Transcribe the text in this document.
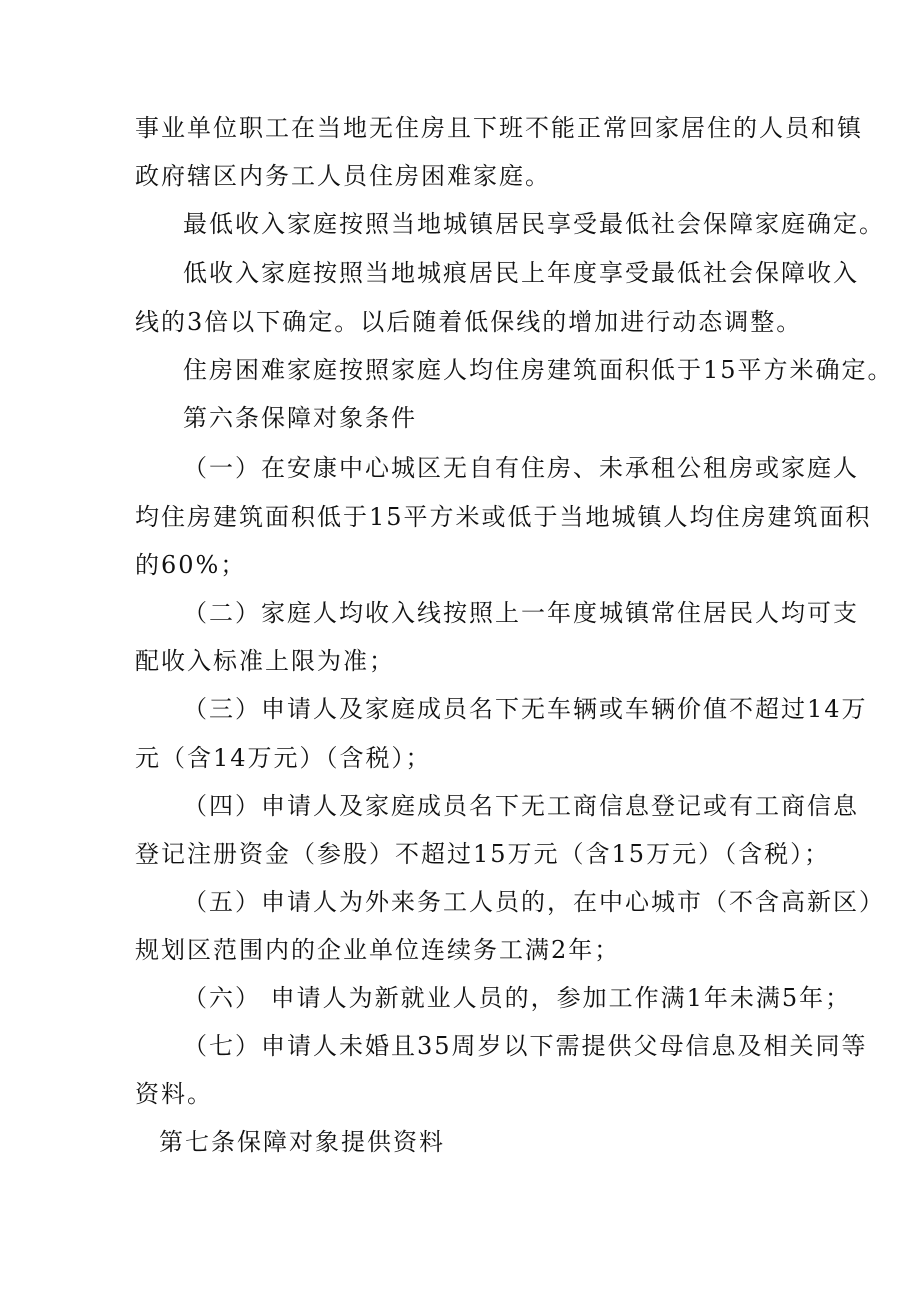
事业单位职工在当地无住房且下班不能正常回家居住的人员和镇
政府辖区内务工人员住房困难家庭。
最低收入家庭按照当地城镇居民享受最低社会保障家庭确定。
低收入家庭按照当地城痕居民上年度享受最低社会保障收入
线的3倍以下确定。以后随着低保线的增加进行动态调整。
住房困难家庭按照家庭人均住房建筑面积低于15平方米确定。
第六条保障对象条件
（一）在安康中心城区无自有住房、未承租公租房或家庭人
均住房建筑面积低于15平方米或低于当地城镇人均住房建筑面积
的60%；
（二）家庭人均收入线按照上一年度城镇常住居民人均可支
配收入标准上限为准；
（三）申请人及家庭成员名下无车辆或车辆价值不超过14万
元（含14万元）（含税）；
（四）申请人及家庭成员名下无工商信息登记或有工商信息
登记注册资金（参股）不超过15万元（含15万元）（含税）；
（五）申请人为外来务工人员的，在中心城市（不含高新区）
规划区范围内的企业单位连续务工满2年；
（六） 申请人为新就业人员的，参加工作满1年未满5年；
（七）申请人未婚且35周岁以下需提供父母信息及相关同等
资料。
第七条保障对象提供资料
